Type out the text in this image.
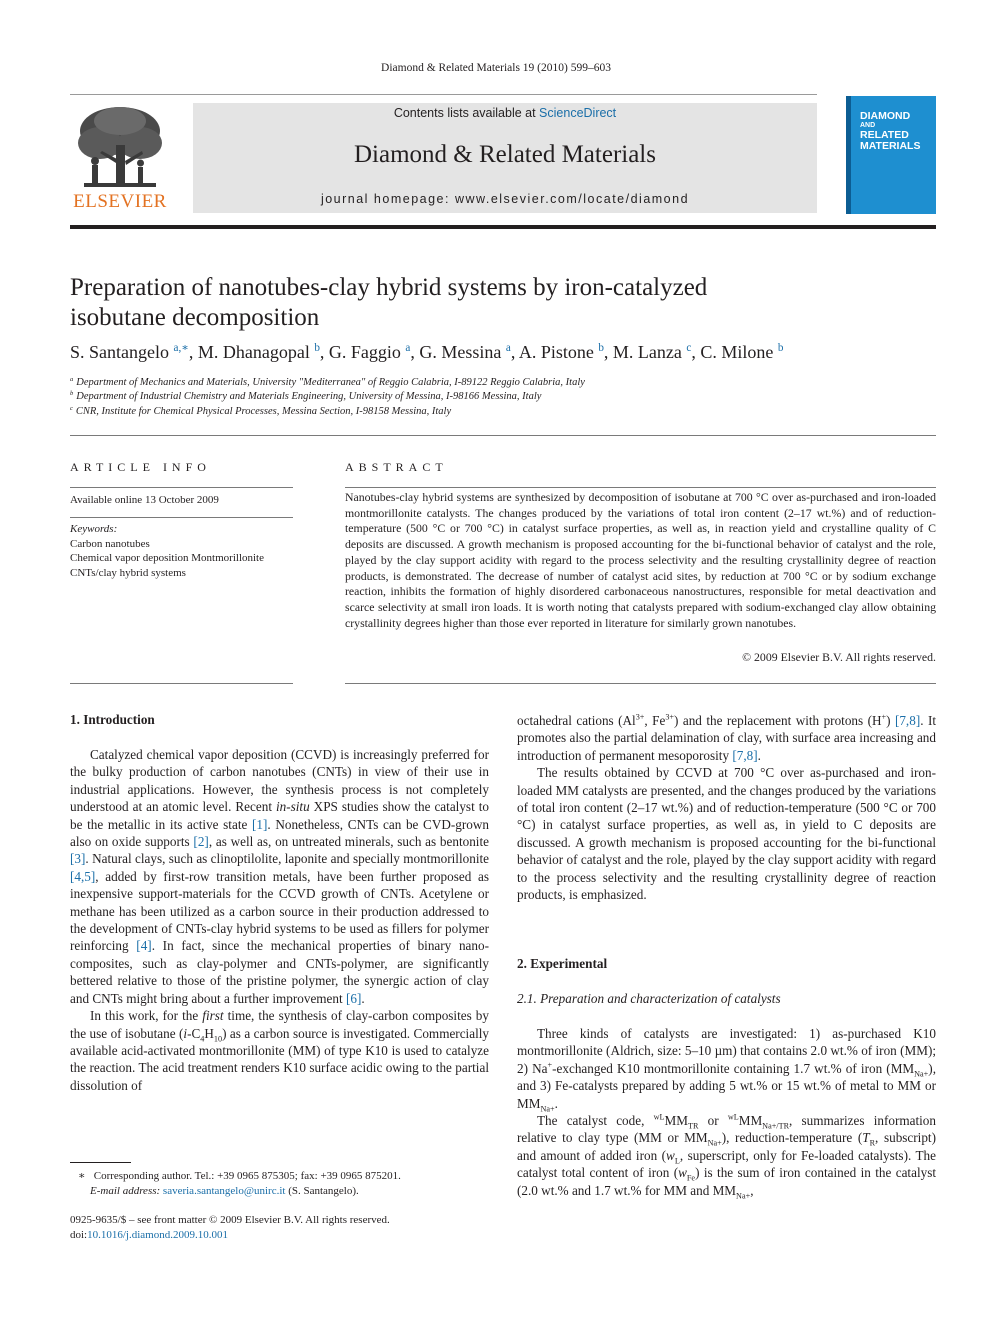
Diamond & Related Materials 19 (2010) 599–603
ELSEVIER
Contents lists available at ScienceDirect
Diamond & Related Materials
journal homepage: www.elsevier.com/locate/diamond
DIAMOND
AND
RELATED
MATERIALS
Preparation of nanotubes-clay hybrid systems by iron-catalyzed
isobutane decomposition
S. Santangelo $^{a,∗}$, M. Dhanagopal $^b$, G. Faggio $^a$, G. Messina $^a$, A. Pistone $^b$, M. Lanza $^c$, C. Milone $^b$
$^a$ Department of Mechanics and Materials, University "Mediterranea" of Reggio Calabria, I-89122 Reggio Calabria, Italy
$^b$ Department of Industrial Chemistry and Materials Engineering, University of Messina, I-98166 Messina, Italy
$^c$ CNR, Institute for Chemical Physical Processes, Messina Section, I-98158 Messina, Italy
ARTICLE INFO
Available online 13 October 2009
Keywords:
Carbon nanotubes
Chemical vapor deposition Montmorillonite
CNTs/clay hybrid systems
ABSTRACT
Nanotubes-clay hybrid systems are synthesized by decomposition of isobutane at 700 °C over as-purchased and iron-loaded montmorillonite catalysts. The changes produced by the variations of total iron content (2–17 wt.%) and of reduction-temperature (500 °C or 700 °C) in catalyst surface properties, as well as, in reaction yield and crystalline quality of C deposits are discussed. A growth mechanism is proposed accounting for the bi-functional behavior of catalyst and the role, played by the clay support acidity with regard to the process selectivity and the resulting crystallinity degree of reaction products, is demonstrated. The decrease of number of catalyst acid sites, by reduction at 700 °C or by sodium exchange reaction, inhibits the formation of highly disordered carbonaceous nanostructures, responsible for metal deactivation and scarce selectivity at small iron loads. It is worth noting that catalysts prepared with sodium-exchanged clay allow obtaining crystallinity degrees higher than those ever reported in literature for similarly grown nanotubes.
© 2009 Elsevier B.V. All rights reserved.
1. Introduction

Catalyzed chemical vapor deposition (CCVD) is increasingly preferred for the bulky production of carbon nanotubes (CNTs) in view of their use in industrial applications. However, the synthesis process is not completely understood at an atomic level. Recent in-situ XPS studies show the catalyst to be the metallic in its active state [1]. Nonetheless, CNTs can be CVD-grown also on oxide supports [2], as well as, on untreated minerals, such as bentonite [3]. Natural clays, such as clinoptilolite, laponite and specially montmorillonite [4,5], added by first-row transition metals, have been further proposed as inexpensive support-materials for the CCVD growth of CNTs. Acetylene or methane has been utilized as a carbon source in their production addressed to the development of CNTs-clay hybrid systems to be used as fillers for polymer reinforcing [4]. In fact, since the mechanical properties of binary nano-composites, such as clay-polymer and CNTs-polymer, are significantly bettered relative to those of the pristine polymer, the synergic action of clay and CNTs might bring about a further improvement [6].

In this work, for the first time, the synthesis of clay-carbon composites by the use of isobutane $(i-C_4H_{10})$ as a carbon source is investigated. Commercially available acid-activated montmorillonite (MM) of type K10 is used to catalyze the reaction. The acid treatment renders K10 surface acidic owing to the partial dissolution of

∗ Corresponding author. Tel.: +39 0965 875305; fax: +39 0965 875201.
E-mail address: saveria.santangelo@unirc.it (S. Santangelo).
0925-9635/$ – see front matter © 2009 Elsevier B.V. All rights reserved.
doi:10.1016/j.diamond.2009.10.001

octahedral cations ($Al^{3+}$, $Fe^{3+}$) and the replacement with protons (H+) [7,8]. It promotes also the partial delamination of clay, with surface area increasing and introduction of permanent mesoporosity [7,8].

The results obtained by CCVD at 700 °C over as-purchased and iron-loaded MM catalysts are presented, and the changes produced by the variations of total iron content (2–17 wt.%) and of reduction-temperature (500 °C or 700 °C) in catalyst surface properties, as well as, in yield to C deposits are discussed. A growth mechanism is proposed accounting for the bi-functional behavior of catalyst and the role, played by the clay support acidity with regard to the process selectivity and the resulting crystallinity degree of reaction products, is emphasized.

2. Experimental
2.1. Preparation and characterization of catalysts

Three kinds of catalysts are investigated: 1) as-purchased K10 montmorillonite (Aldrich, size: 5–10 µm) that contains 2.0 wt.% of iron (MM); 2) Na+-exchanged K10 montmorillonite containing 1.7 wt.% of iron $(MM_{Na+})$, and 3) Fe-catalysts prepared by adding 5 wt.% or 15 wt.% of metal to MM or $MM_{Na+}$.

The catalyst code, $^{wL}MM_{TR}$ or $^{wL}MM_{Na+/TR}$, summarizes information relative to clay type (MM or $MM_{Na+}$), reduction-temperature ($T_R$, subscript) and amount of added iron ($w_L$, superscript, only for Fe-loaded catalysts). The catalyst total content of iron $(w_{Fe})$ is the sum of iron contained in the catalyst (2.0 wt.% and 1.7 wt.% for MM and $MM_{Na+}$,
